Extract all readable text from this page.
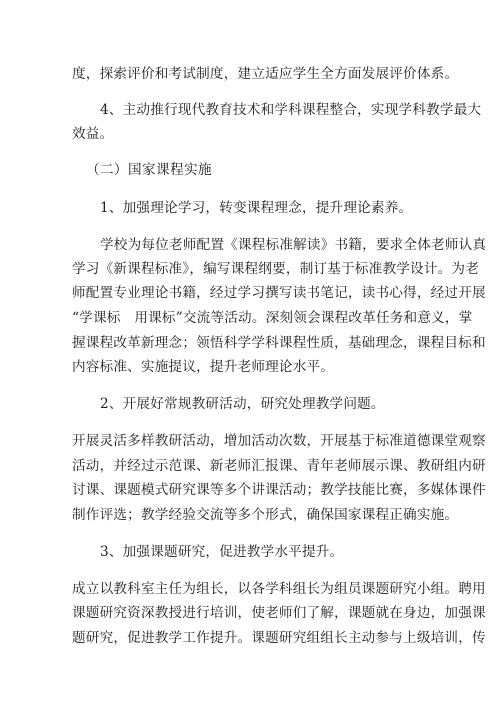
度，探索评价和考试制度，建立适应学生全方面发展评价体系。
4、主动推行现代教育技术和学科课程整合，实现学科教学最大
效益。
（二）国家课程实施
1、加强理论学习，转变课程理念，提升理论素养。
学校为每位老师配置《课程标准解读》书籍，要求全体老师认真
学习《新课程标准》，编写课程纲要，制订基于标准教学设计。为老
师配置专业理论书籍，经过学习撰写读书笔记，读书心得，经过开展
“学课标　用课标”交流等活动。深刻领会课程改革任务和意义，掌
握课程改革新理念；领悟科学学科课程性质，基础理念，课程目标和
内容标准、实施提议，提升老师理论水平。
2、开展好常规教研活动，研究处理教学问题。
开展灵活多样教研活动，增加活动次数，开展基于标准道德课堂观察
活动，并经过示范课、新老师汇报课、青年老师展示课、教研组内研
讨课、课题模式研究课等多个讲课活动；教学技能比赛，多媒体课件
制作评选；教学经验交流等多个形式，确保国家课程正确实施。
3、加强课题研究，促进教学水平提升。
成立以教科室主任为组长，以各学科组长为组员课题研究小组。聘用
课题研究资深教授进行培训，使老师们了解，课题就在身边，加强课
题研究，促进教学工作提升。课题研究组组长主动参与上级培训，传
